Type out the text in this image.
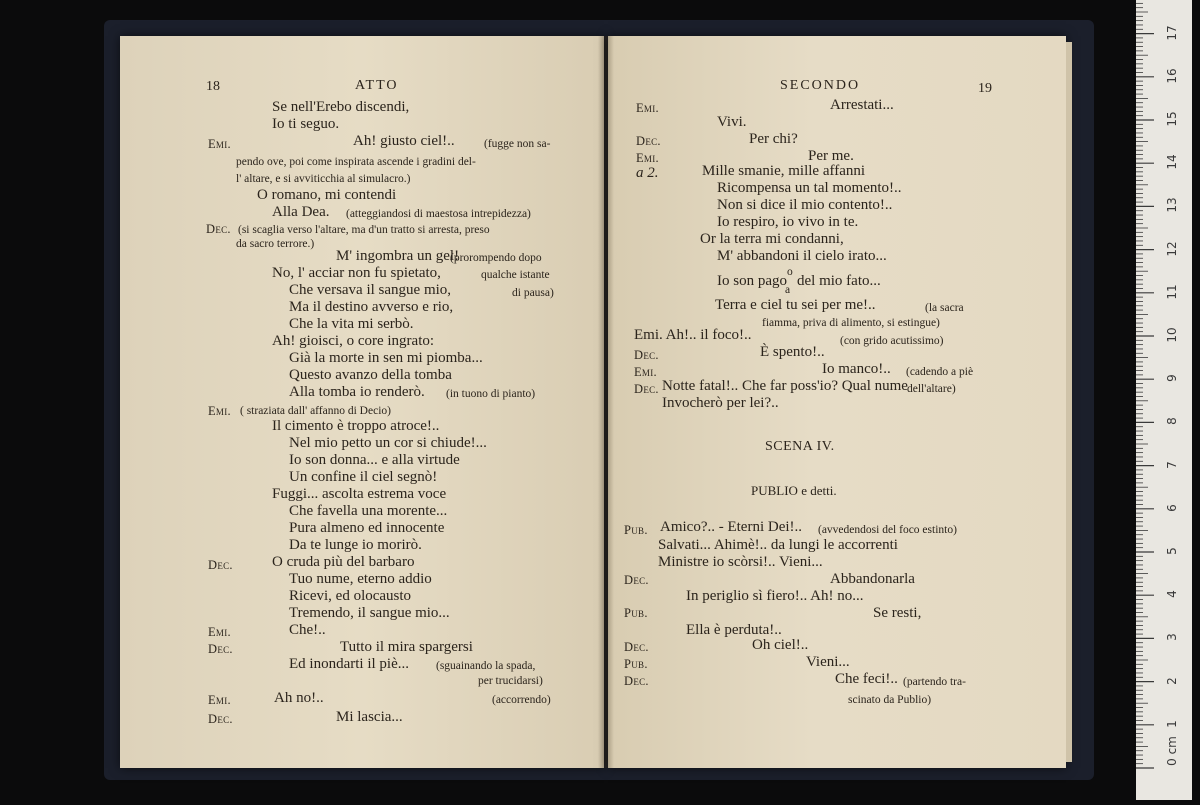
18	ATTO
Se nell'Erebo discendi,
Io ti seguo.
Emi.	Ah! giusto ciel!..	(fugge non sa-
pendo ove, poi come inspirata ascende i gradini del-
l' altare, e si avviticchia al simulacro.)
O romano, mi contendi
Alla Dea. (atteggiandosi di maestosa intrepidezza)
Dec. (si scaglia verso l'altare, ma d'un tratto si arresta, preso
da sacro terrore.)
M' ingombra un gel!
(prorompendo dopo
No, l' acciar non fu spietato,	qualche istante
Che versava il sangue mio,	di pausa)
Ma il destino avverso e rio,
Che la vita mi serbò.
Ah! gioisci, o core ingrato:
Già la morte in sen mi piomba...
Questo avanzo della tomba
Alla tomba io renderò. (in tuono di pianto)
Emi. ( straziata dall' affanno di Decio)
Il cimento è troppo atroce!..
Nel mio petto un cor si chiude!...
Io son donna... e alla virtude
Un confine il ciel segnò!
Fuggi... ascolta estrema voce
Che favella una morente...
Pura almeno ed innocente
Da te lunge io morirò.
Dec.	O cruda più del barbaro
Tuo nume, eterno addio
Ricevi, ed olocausto
Tremendo, il sangue mio...
Emi.	Che!..
Dec.	Tutto il mira spargersi
Ed inondarti il piè... (sguainando la spada,
per trucidarsi)
Emi.	Ah no!..	(accorrendo)
Dec.	Mi lascia...
SECONDO	19
Emi.	Arrestati...
Vivi.
Dec.	Per chi?
Emi.	Per me.
a 2.	Mille smanie, mille affanni
Ricompensa un tal momento!..
Non si dice il mio contento!..
Io respiro, io vivo in te.
Or la terra mi condanni,
M' abbandoni il cielo irato...
Io son pago
o
a
del mio fato...
Terra e ciel tu sei per me!..	(la sacra
fiamma, priva di alimento, si estingue)
Emi. Ah!.. il foco!..	(con grido acutissimo)
Dec.	È spento!..
Emi.	Io manco!.. (cadendo a piè
Dec. Notte fatal!.. Che far poss'io? Qual nume dell'altare)
Invocherò per lei?..
SCENA IV.
PUBLIO e detti.
Pub. Amico?.. - Eterni Dei!.. (avvedendosi del foco estinto)
Salvati... Ahimè!.. da lungi le accorrenti
Ministre io scòrsi!.. Vieni...
Dec.	Abbandonarla
In periglio sì fiero!.. Ah! no...
Pub.	Se resti,
Ella è perduta!..
Dec.	Oh ciel!..
Pub.	Vieni...
Dec.	Che feci!.. (partendo tra-
scinato da Publio)
0 cm
1
2
3
4
5
6
7
8
9
10
11
12
13
14
15
16
17
